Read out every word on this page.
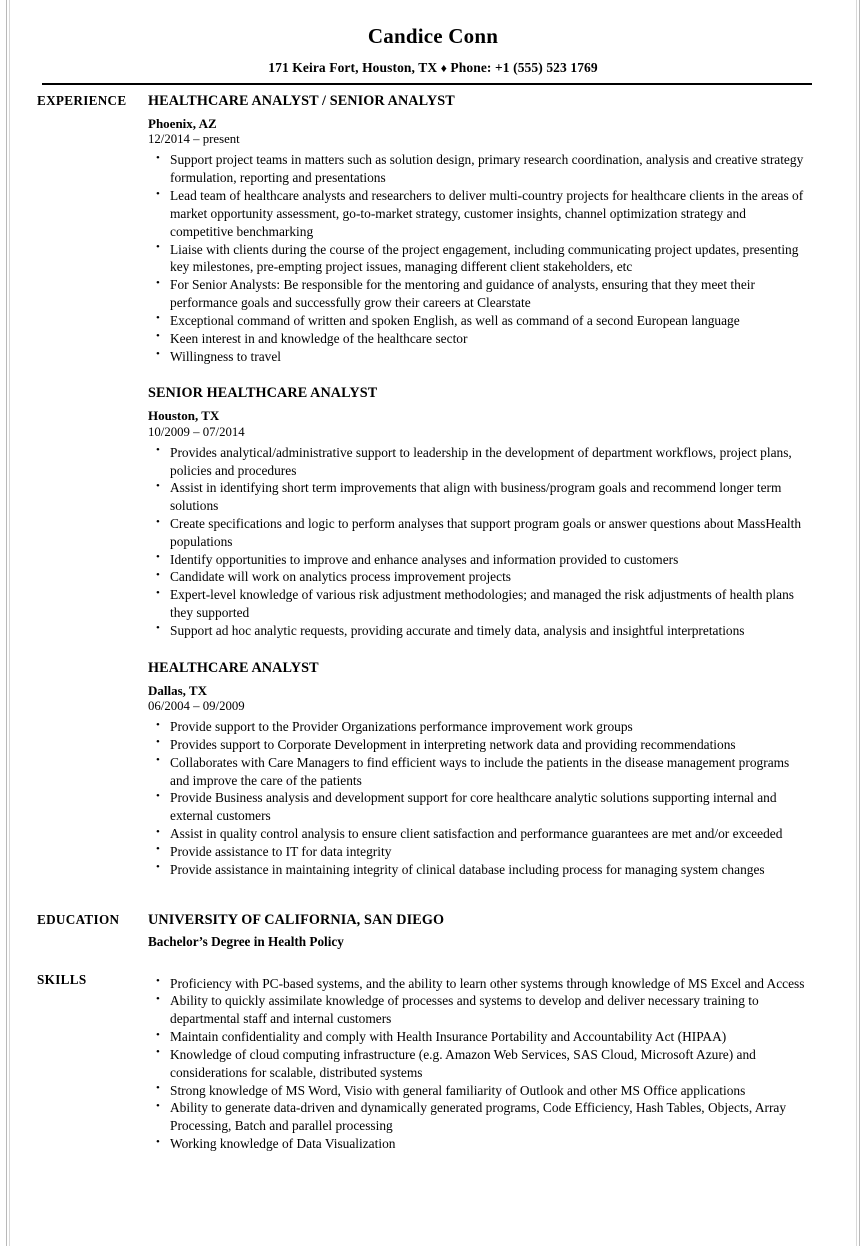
Candice Conn
171 Keira Fort, Houston, TX ♦ Phone: +1 (555) 523 1769
EXPERIENCE	HEALTHCARE ANALYST / SENIOR ANALYST
Phoenix, AZ
12/2014 – present
• Support project teams in matters such as solution design, primary research coordination, analysis and creative strategy formulation, reporting and presentations
• Lead team of healthcare analysts and researchers to deliver multi-country projects for healthcare clients in the areas of market opportunity assessment, go-to-market strategy, customer insights, channel optimization strategy and competitive benchmarking
• Liaise with clients during the course of the project engagement, including communicating project updates, presenting key milestones, pre-empting project issues, managing different client stakeholders, etc
• For Senior Analysts: Be responsible for the mentoring and guidance of analysts, ensuring that they meet their performance goals and successfully grow their careers at Clearstate
• Exceptional command of written and spoken English, as well as command of a second European language
• Keen interest in and knowledge of the healthcare sector
• Willingness to travel
SENIOR HEALTHCARE ANALYST
Houston, TX
10/2009 – 07/2014
• Provides analytical/administrative support to leadership in the development of department workflows, project plans, policies and procedures
• Assist in identifying short term improvements that align with business/program goals and recommend longer term solutions
• Create specifications and logic to perform analyses that support program goals or answer questions about MassHealth populations
• Identify opportunities to improve and enhance analyses and information provided to customers
• Candidate will work on analytics process improvement projects
• Expert-level knowledge of various risk adjustment methodologies; and managed the risk adjustments of health plans they supported
• Support ad hoc analytic requests, providing accurate and timely data, analysis and insightful interpretations
HEALTHCARE ANALYST
Dallas, TX
06/2004 – 09/2009
• Provide support to the Provider Organizations performance improvement work groups
• Provides support to Corporate Development in interpreting network data and providing recommendations
• Collaborates with Care Managers to find efficient ways to include the patients in the disease management programs and improve the care of the patients
• Provide Business analysis and development support for core healthcare analytic solutions supporting internal and external customers
• Assist in quality control analysis to ensure client satisfaction and performance guarantees are met and/or exceeded
• Provide assistance to IT for data integrity
• Provide assistance in maintaining integrity of clinical database including process for managing system changes
EDUCATION	UNIVERSITY OF CALIFORNIA, SAN DIEGO
Bachelor’s Degree in Health Policy
SKILLS	• Proficiency with PC-based systems, and the ability to learn other systems through knowledge of MS Excel and Access
• Ability to quickly assimilate knowledge of processes and systems to develop and deliver necessary training to departmental staff and internal customers
• Maintain confidentiality and comply with Health Insurance Portability and Accountability Act (HIPAA)
• Knowledge of cloud computing infrastructure (e.g. Amazon Web Services, SAS Cloud, Microsoft Azure) and considerations for scalable, distributed systems
• Strong knowledge of MS Word, Visio with general familiarity of Outlook and other MS Office applications
• Ability to generate data-driven and dynamically generated programs, Code Efficiency, Hash Tables, Objects, Array Processing, Batch and parallel processing
• Working knowledge of Data Visualization
